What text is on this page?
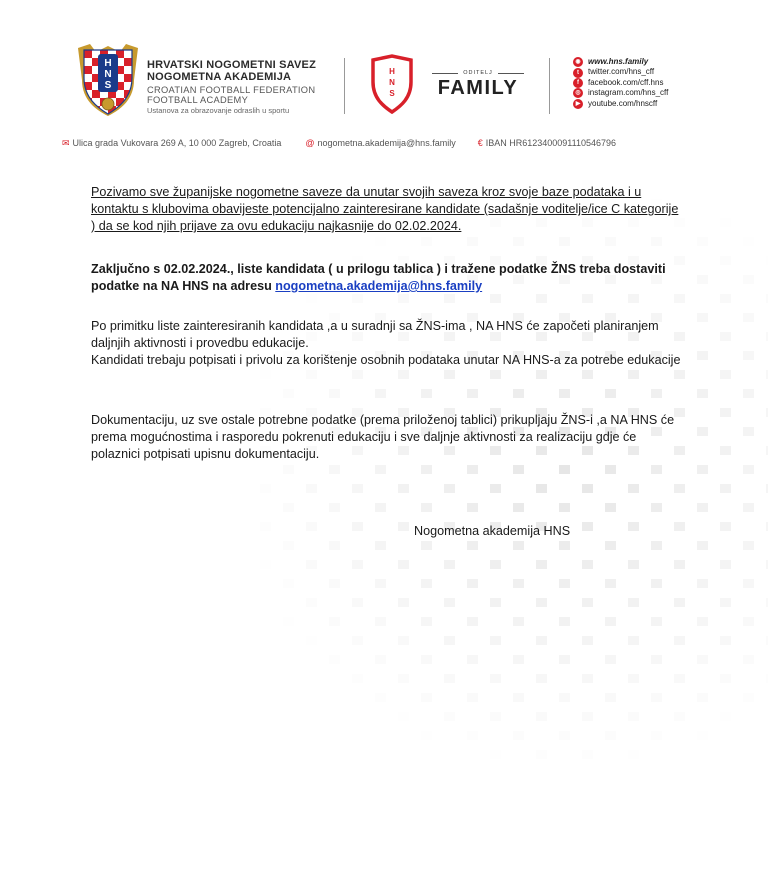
H
N
S
HRVATSKI NOGOMETNI SAVEZ
NOGOMETNA AKADEMIJA
CROATIAN FOOTBALL FEDERATION
FOOTBALL ACADEMY
Ustanova za obrazovanje odraslih u sportu
H
N
S
ODITELJ
FAMILY
◉ www.hns.family
t	twitter.com/hns_cff
f	facebook.com/cff.hns
◎ instagram.com/hns_cff
▶ youtube.com/hnscff
✉ Ulica grada Vukovara 269 A, 10 000 Zagreb, Croatia	@ nogometna.akademija@hns.family € IBAN HR6123400091110546796
Pozivamo sve županijske nogometne saveze da unutar svojih saveza kroz svoje baze podataka i u kontaktu s klubovima obavijeste potencijalno zainteresirane kandidate (sadašnje voditelje/ice C kategorije ) da se kod njih prijave za ovu edukaciju najkasnije do 02.02.2024.
Zaključno s 02.02.2024., liste kandidata ( u prilogu tablica ) i tražene podatke ŽNS treba dostaviti podatke na NA HNS na adresu nogometna.akademija@hns.family
Po primitku liste zainteresiranih kandidata ,a u suradnji sa ŽNS-ima , NA HNS će započeti planiranjem daljnjih aktivnosti i provedbu edukacije.
Kandidati trebaju potpisati i privolu za korištenje osobnih podataka unutar NA HNS-a za potrebe edukacije
Dokumentaciju, uz sve ostale potrebne podatke (prema priloženoj tablici) prikupljaju ŽNS-i ,a NA HNS će prema mogućnostima i rasporedu pokrenuti edukaciju i sve daljnje aktivnosti za realizaciju gdje će polaznici potpisati upisnu dokumentaciju.
Nogometna akademija HNS
